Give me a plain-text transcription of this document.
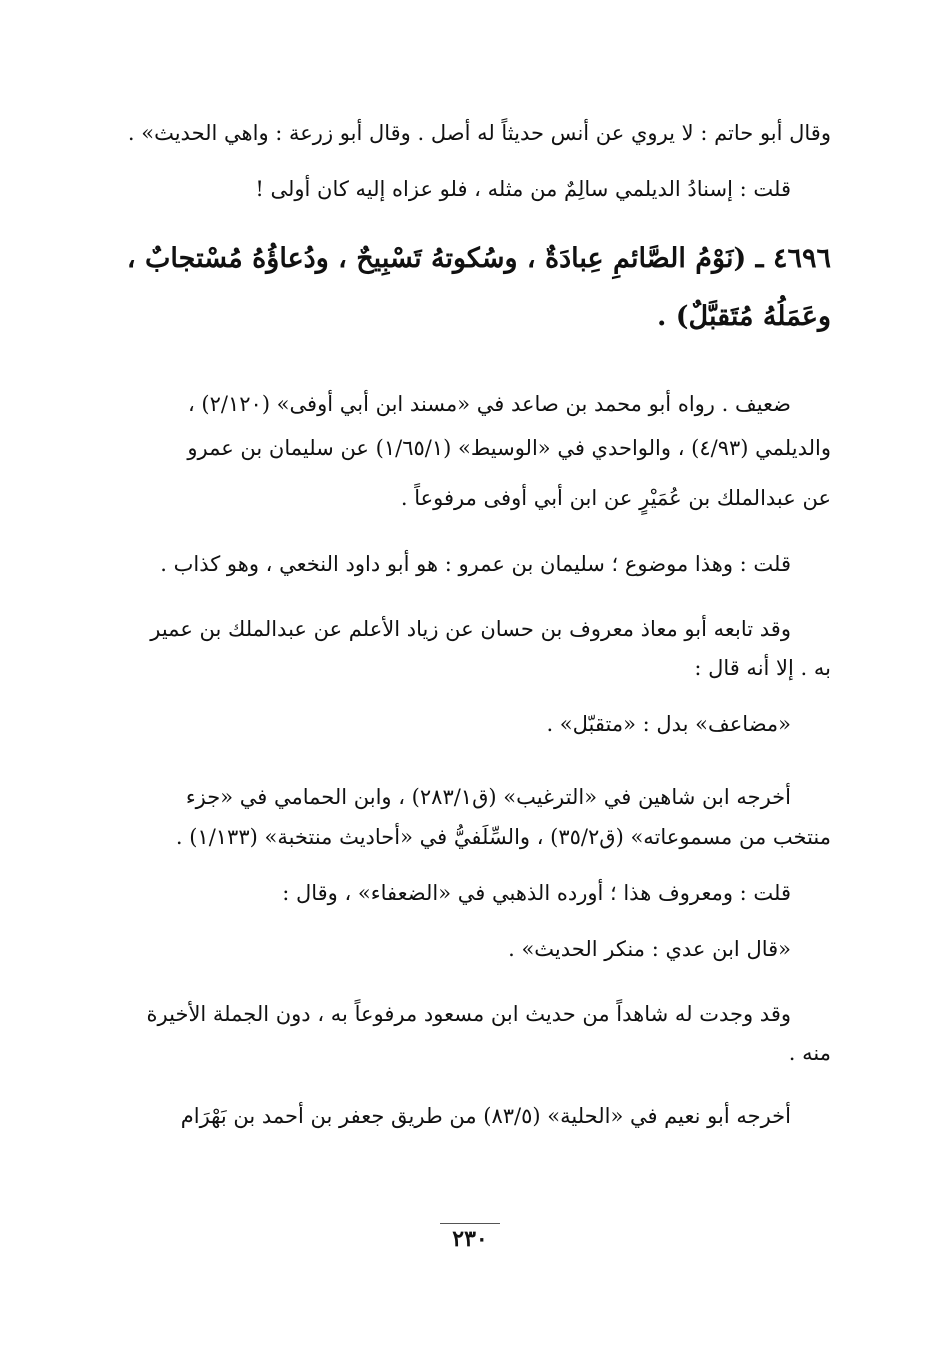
وقال أبو حاتم : لا يروي عن أنس حديثاً له أصل . وقال أبو زرعة : واهي الحديث» .

قلت : إسنادُ الديلمي سالِمٌ من مثله ، فلو عزاه إليه كان أولى !

٤٦٩٦ ـ (نَوْمُ الصَّائمِ عِبادَةٌ ، وسُكوتهُ تَسْبِيحٌ ، ودُعاؤُهُ مُسْتجابٌ ،
وعَمَلُهُ مُتَقبَّلٌ) .

ضعيف . رواه أبو محمد بن صاعد في «مسند ابن أبي أوفى» (٢/١٢٠) ،

والديلمي (٤/٩٣) ، والواحدي في «الوسيط» (١/٦٥/١) عن سليمان بن عمرو
عن عبدالملك بن عُمَيْرٍ عن ابن أبي أوفى مرفوعاً .

قلت : وهذا موضوع ؛ سليمان بن عمرو : هو أبو داود النخعي ، وهو كذاب .

وقد تابعه أبو معاذ معروف بن حسان عن زياد الأعلم عن عبدالملك بن عمير

به . إلا أنه قال :

«مضاعف» بدل : «متقبّل» .

أخرجه ابن شاهين في «الترغيب» (ق٢٨٣/١) ، وابن الحمامي في «جزء

منتخب من مسموعاته» (ق٣٥/٢) ، والسِّلَفيُّ في «أحاديث منتخبة» (١/١٣٣) .

قلت : ومعروف هذا ؛ أورده الذهبي في «الضعفاء» ، وقال :

«قال ابن عدي : منكر الحديث» .

وقد وجدت له شاهداً من حديث ابن مسعود مرفوعاً به ، دون الجملة الأخيرة

منه .

أخرجه أبو نعيم في «الحلية» (٨٣/٥) من طريق جعفر بن أحمد بن بَهْرَام

٢٣٠
